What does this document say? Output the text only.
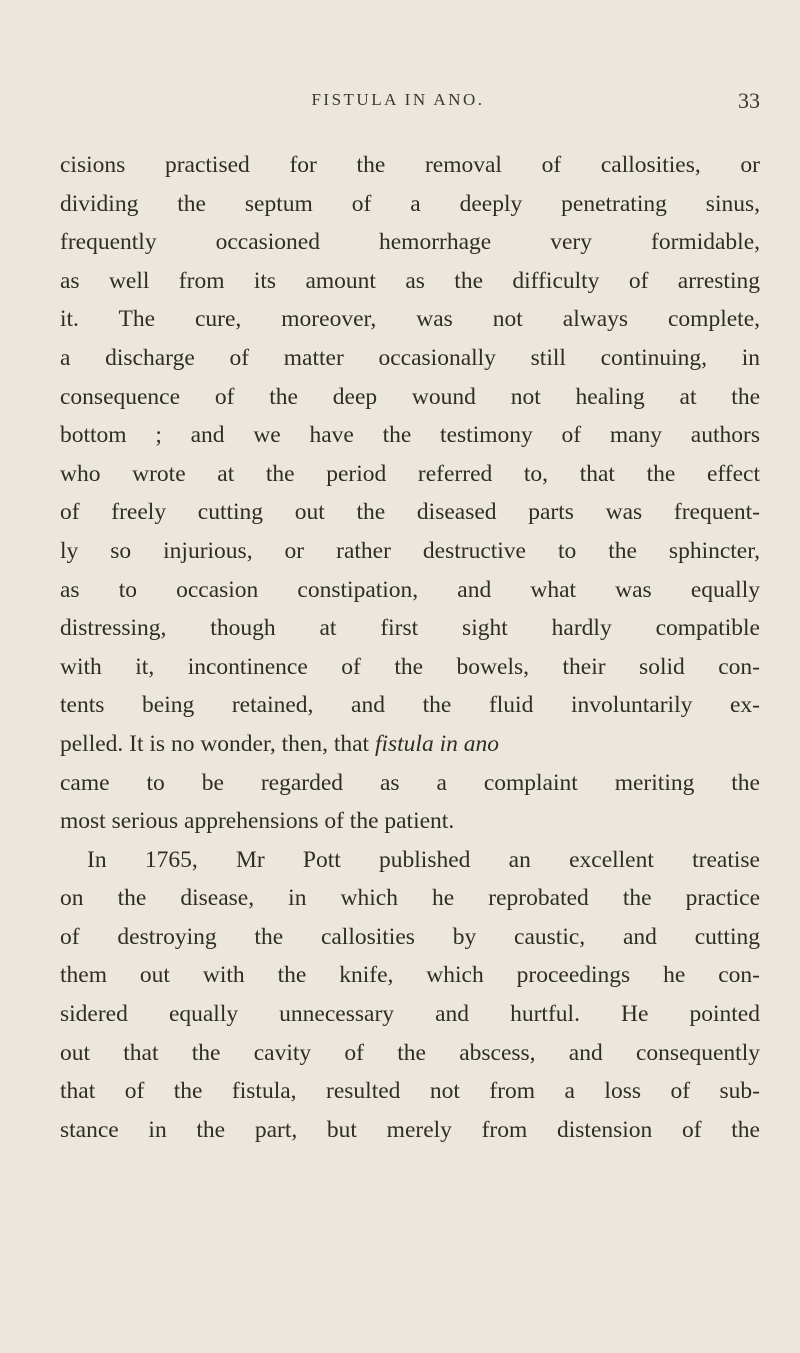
FISTULA IN ANO.	33
cisions practised for the removal of callosities, or
dividing the septum of a deeply penetrating sinus,
frequently occasioned hemorrhage very formidable,
as well from its amount as the difficulty of arresting
it. The cure, moreover, was not always complete,
a discharge of matter occasionally still continuing, in
consequence of the deep wound not healing at the
bottom ; and we have the testimony of many authors
who wrote at the period referred to, that the effect
of freely cutting out the diseased parts was frequent-
ly so injurious, or rather destructive to the sphincter,
as to occasion constipation, and what was equally
distressing, though at first sight hardly compatible
with it, incontinence of the bowels, their solid con-
tents being retained, and the fluid involuntarily ex-
pelled. It is no wonder, then, that fistula in ano
came to be regarded as a complaint meriting the
most serious apprehensions of the patient.
In 1765, Mr Pott published an excellent treatise
on the disease, in which he reprobated the practice
of destroying the callosities by caustic, and cutting
them out with the knife, which proceedings he con-
sidered equally unnecessary and hurtful. He pointed
out that the cavity of the abscess, and consequently
that of the fistula, resulted not from a loss of sub-
stance in the part, but merely from distension of the
